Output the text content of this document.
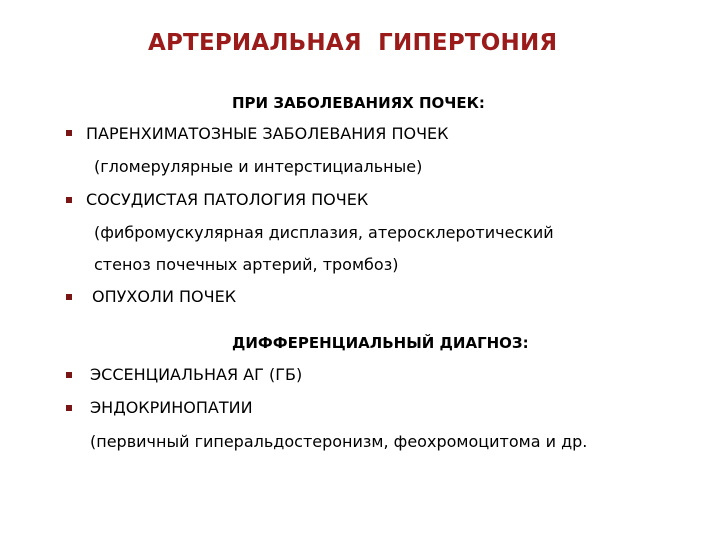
АРТЕРИАЛЬНАЯ  ГИПЕРТОНИЯ
ПРИ ЗАБОЛЕВАНИЯХ ПОЧЕК:
ПАРЕНХИМАТОЗНЫЕ ЗАБОЛЕВАНИЯ ПОЧЕК
(гломерулярные и интерстициальные)
СОСУДИСТАЯ ПАТОЛОГИЯ ПОЧЕК
(фибромускулярная дисплазия, атеросклеротический
стеноз почечных артерий, тромбоз)
ОПУХОЛИ ПОЧЕК
ДИФФЕРЕНЦИАЛЬНЫЙ ДИАГНОЗ:
ЭССЕНЦИАЛЬНАЯ АГ (ГБ)
ЭНДОКРИНОПАТИИ
(первичный гиперальдостеронизм, феохромоцитома и др.
